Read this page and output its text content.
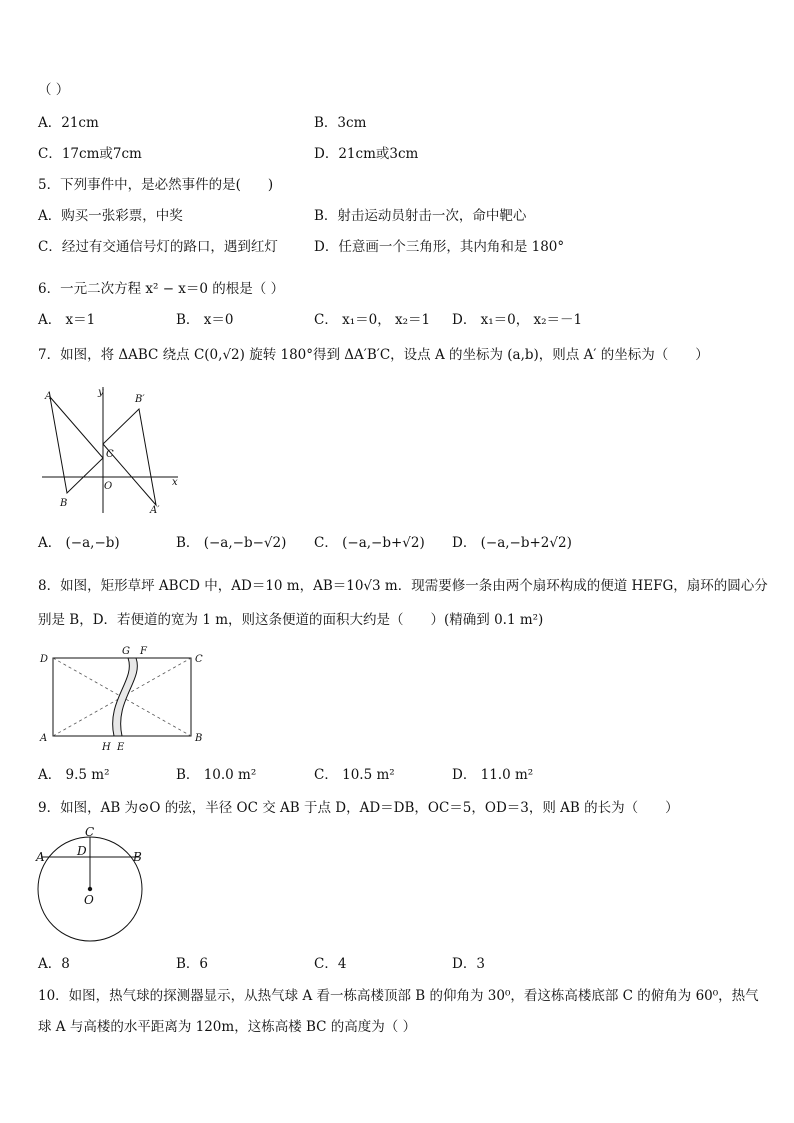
（ ）
A．21cm	B．3cm
C．17cm或7cm	D．21cm或3cm
5．下列事件中，是必然事件的是(　　)
A．购买一张彩票，中奖	B．射击运动员射击一次，命中靶心
C．经过有交通信号灯的路口，遇到红灯	D．任意画一个三角形，其内角和是 180°
6．一元二次方程 x² − x＝0 的根是（ ）
A． x＝1	B． x＝0	C． x₁＝0， x₂＝1 D． x₁＝0， x₂＝－1
7．如图，将 ΔABC 绕点 C(0,√2) 旋转 180°得到 ΔA′B′C，设点 A 的坐标为 (a,b)，则点 A′ 的坐标为（　　）
A
B
C
O
B′
A′
x
y
A． (−a,−b)	B． (−a,−b−√2) C． (−a,−b+√2) D． (−a,−b+2√2)
8．如图，矩形草坪 ABCD 中，AD＝10 m，AB＝10√3 m．现需要修一条由两个扇环构成的便道 HEFG，扇环的圆心分
别是 B，D．若便道的宽为 1 m，则这条便道的面积大约是（　　）(精确到 0.1 m²)
D
G F
C
A
H E
B
A． 9.5 m²	B． 10.0 m²	C． 10.5 m²	D． 11.0 m²
9．如图，AB 为⊙O 的弦，半径 OC 交 AB 于点 D，AD＝DB，OC＝5，OD＝3，则 AB 的长为（　　）
C
D
A	B
O
A．8	B．6	C．4	D．3
10．如图，热气球的探测器显示，从热气球 A 看一栋高楼顶部 B 的仰角为 30⁰，看这栋高楼底部 C 的俯角为 60⁰，热气
球 A 与高楼的水平距离为 120m，这栋高楼 BC 的高度为（ ）
